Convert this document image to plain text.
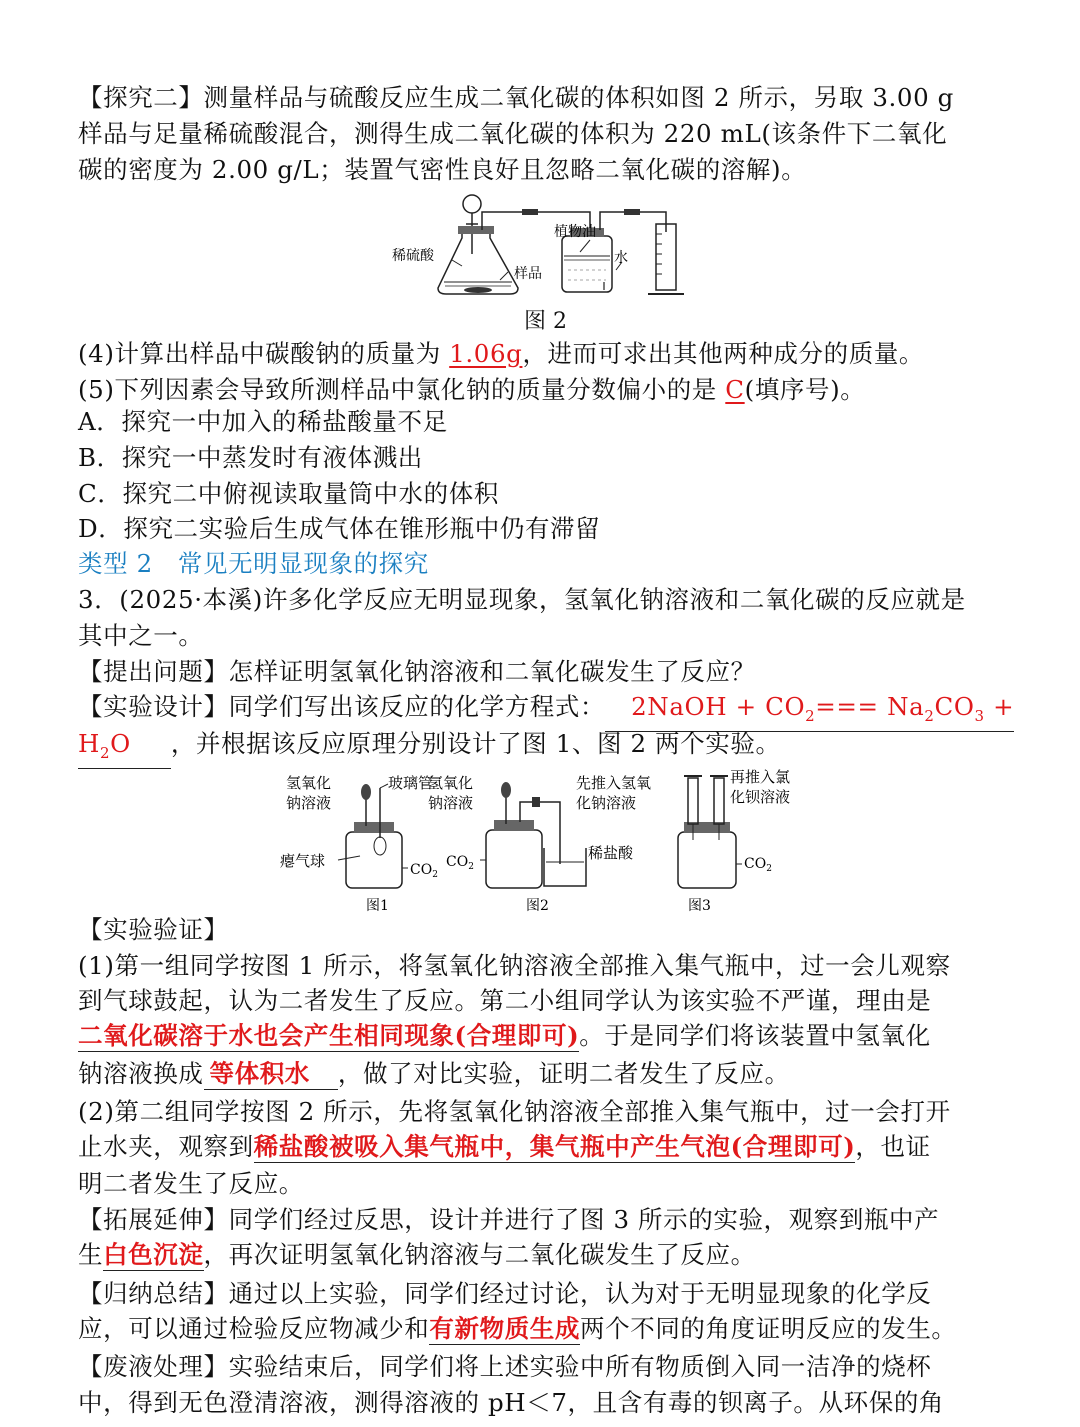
【探究二】测量样品与硫酸反应生成二氧化碳的体积如图 2 所示，另取 3.00 g
样品与足量稀硫酸混合，测得生成二氧化碳的体积为 220 mL(该条件下二氧化
碳的密度为 2.00 g/L；装置气密性良好且忽略二氧化碳的溶解)。
稀硫酸
样品
植物油
水
图 2
(4)计算出样品中碳酸钠的质量为 1.06g，进而可求出其他两种成分的质量。
(5)下列因素会导致所测样品中氯化钠的质量分数偏小的是 C(填序号)。
A．探究一中加入的稀盐酸量不足
B．探究一中蒸发时有液体溅出
C．探究二中俯视读取量筒中水的体积
D．探究二实验后生成气体在锥形瓶中仍有滞留
类型 2　常见无明显现象的探究
3．(2025·本溪)许多化学反应无明显现象，氢氧化钠溶液和二氧化碳的反应就是
其中之一。
【提出问题】怎样证明氢氧化钠溶液和二氧化碳发生了反应？
【实验设计】同学们写出该反应的化学方程式： 2NaOH + $CO_2=== Na_2CO_3$ +
$H_2O$ ，并根据该反应原理分别设计了图 1、图 2 两个实验。
氢氧化
钠溶液
玻璃管
瘪气球	$CO_2$
图1
氢氧化
钠溶液
稀盐酸
$CO_2$
图2
先推入氢氧
化钠溶液
再推入氯
化钡溶液
$CO_2$
图3
【实验验证】
(1)第一组同学按图 1 所示，将氢氧化钠溶液全部推入集气瓶中，过一会儿观察
到气球鼓起，认为二者发生了反应。第二小组同学认为该实验不严谨，理由是
二氧化碳溶于水也会产生相同现象(合理即可)。于是同学们将该装置中氢氧化
钠溶液换成 等体积水 ，做了对比实验，证明二者发生了反应。
(2)第二组同学按图 2 所示，先将氢氧化钠溶液全部推入集气瓶中，过一会打开
止水夹，观察到稀盐酸被吸入集气瓶中，集气瓶中产生气泡(合理即可)，也证
明二者发生了反应。
【拓展延伸】同学们经过反思，设计并进行了图 3 所示的实验，观察到瓶中产
生白色沉淀，再次证明氢氧化钠溶液与二氧化碳发生了反应。
【归纳总结】通过以上实验，同学们经过讨论，认为对于无明显现象的化学反
应，可以通过检验反应物减少和有新物质生成两个不同的角度证明反应的发生。
【废液处理】实验结束后，同学们将上述实验中所有物质倒入同一洁净的烧杯
中，得到无色澄清溶液，测得溶液的 pH＜7，且含有毒的钡离子。从环保的角
